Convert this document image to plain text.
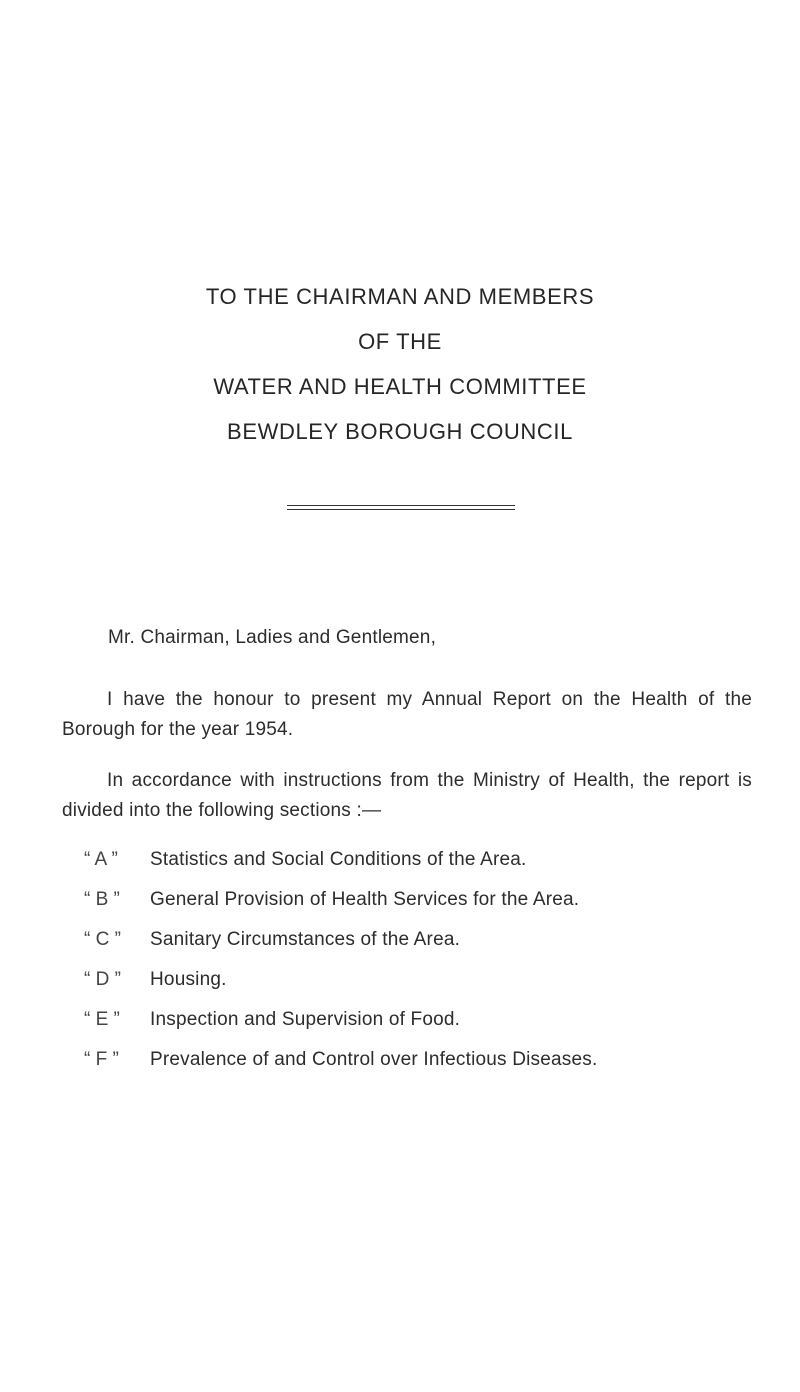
TO THE CHAIRMAN AND MEMBERS
OF THE
WATER AND HEALTH COMMITTEE
BEWDLEY BOROUGH COUNCIL
Mr. Chairman, Ladies and Gentlemen,
I have the honour to present my Annual Report on the Health of the Borough for the year 1954.
In accordance with instructions from the Ministry of Health, the report is divided into the following sections :—
“ A ” Statistics and Social Conditions of the Area.
“ B ” General Provision of Health Services for the Area.
“ C ” Sanitary Circumstances of the Area.
“ D ” Housing.
“ E ” Inspection and Supervision of Food.
“ F ” Prevalence of and Control over Infectious Diseases.
